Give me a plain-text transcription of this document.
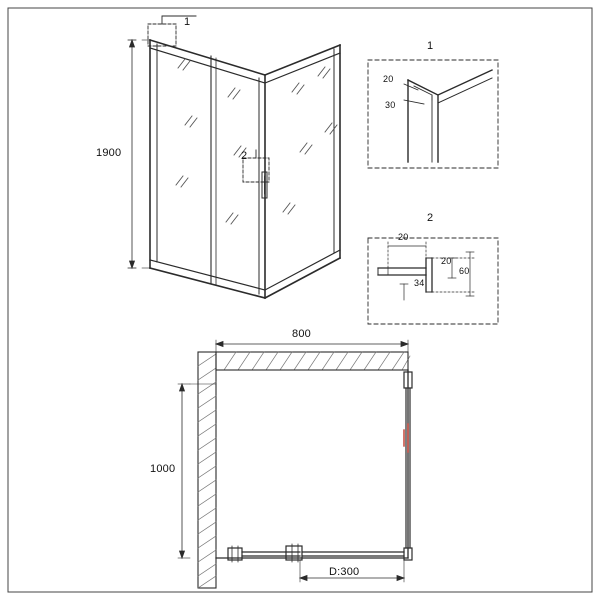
1
2
1900
1
20
30
2
20
20
60
34
800
1000
D:300
